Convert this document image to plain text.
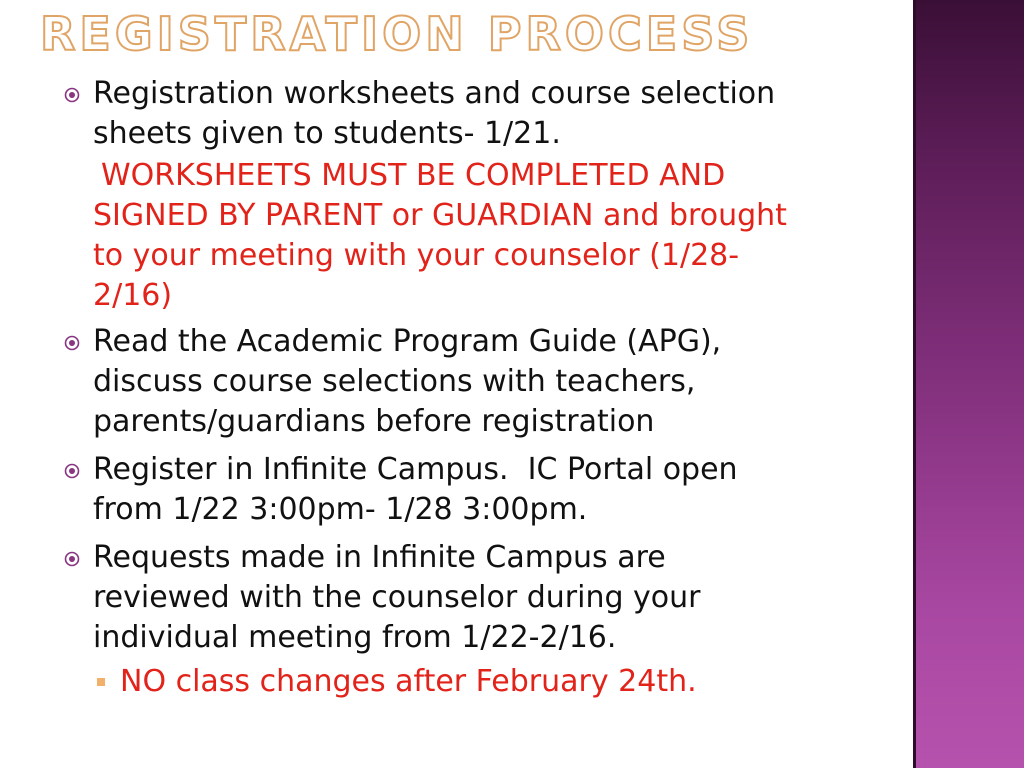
REGISTRATION PROCESS
Registration worksheets and course selection
sheets given to students- 1/21.
WORKSHEETS MUST BE COMPLETED AND
SIGNED BY PARENT or GUARDIAN and brought
to your meeting with your counselor (1/28-
2/16)
Read the Academic Program Guide (APG),
discuss course selections with teachers,
parents/guardians before registration
Register in Infinite Campus.  IC Portal open
from 1/22 3:00pm- 1/28 3:00pm.
Requests made in Infinite Campus are
reviewed with the counselor during your
individual meeting from 1/22-2/16.
NO class changes after February 24th.
